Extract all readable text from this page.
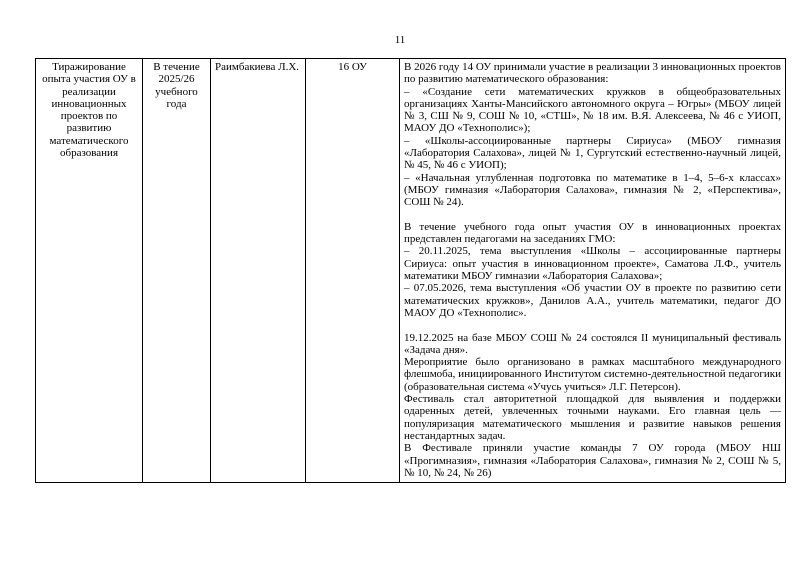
11
Тиражирование опыта участия ОУ в реализации инновационных проектов по развитию математического образования	В течение 2025/26 учебного года	Раимбакиева Л.Х.	16 ОУ	В 2026 году 14 ОУ принимали участие в реализации 3 инновационных проектов по развитию математического образования:
– «Создание сети математических кружков в общеобразовательных организациях Ханты-Мансийского автономного округа – Югры» (МБОУ лицей № 3, СШ № 9, СОШ № 10, «СТШ», № 18 им. В.Я. Алексеева, № 46 с УИОП, МАОУ ДО «Технополис»);
– «Школы-ассоциированные партнеры Сириуса» (МБОУ гимназия «Лаборатория Салахова», лицей № 1, Сургутский естественно-научный лицей, № 45, № 46 с УИОП);
– «Начальная углубленная подготовка по математике в 1–4, 5–6-х классах» (МБОУ гимназия «Лаборатория Салахова», гимназия № 2, «Перспектива», СОШ № 24).
В течение учебного года опыт участия ОУ в инновационных проектах представлен педагогами на заседаниях ГМО:
– 20.11.2025, тема выступления «Школы – ассоциированные партнеры Сириуса: опыт участия в инновационном проекте», Саматова Л.Ф., учитель математики МБОУ гимназии «Лаборатория Салахова»;
– 07.05.2026, тема выступления «Об участии ОУ в проекте по развитию сети математических кружков», Данилов А.А., учитель математики, педагог ДО МАОУ ДО «Технополис».
19.12.2025 на базе МБОУ СОШ № 24 состоялся II муниципальный фестиваль «Задача дня».
Мероприятие было организовано в рамках масштабного международного флешмоба, инициированного Институтом системно-деятельностной педагогики (образовательная система «Учусь учиться» Л.Г. Петерсон).
Фестиваль стал авторитетной площадкой для выявления и поддержки одаренных детей, увлеченных точными науками. Его главная цель — популяризация математического мышления и развитие навыков решения нестандартных задач.
В Фестивале приняли участие команды 7 ОУ города (МБОУ НШ «Прогимназия», гимназия «Лаборатория Салахова», гимназия № 2, СОШ № 5, № 10, № 24, № 26)
